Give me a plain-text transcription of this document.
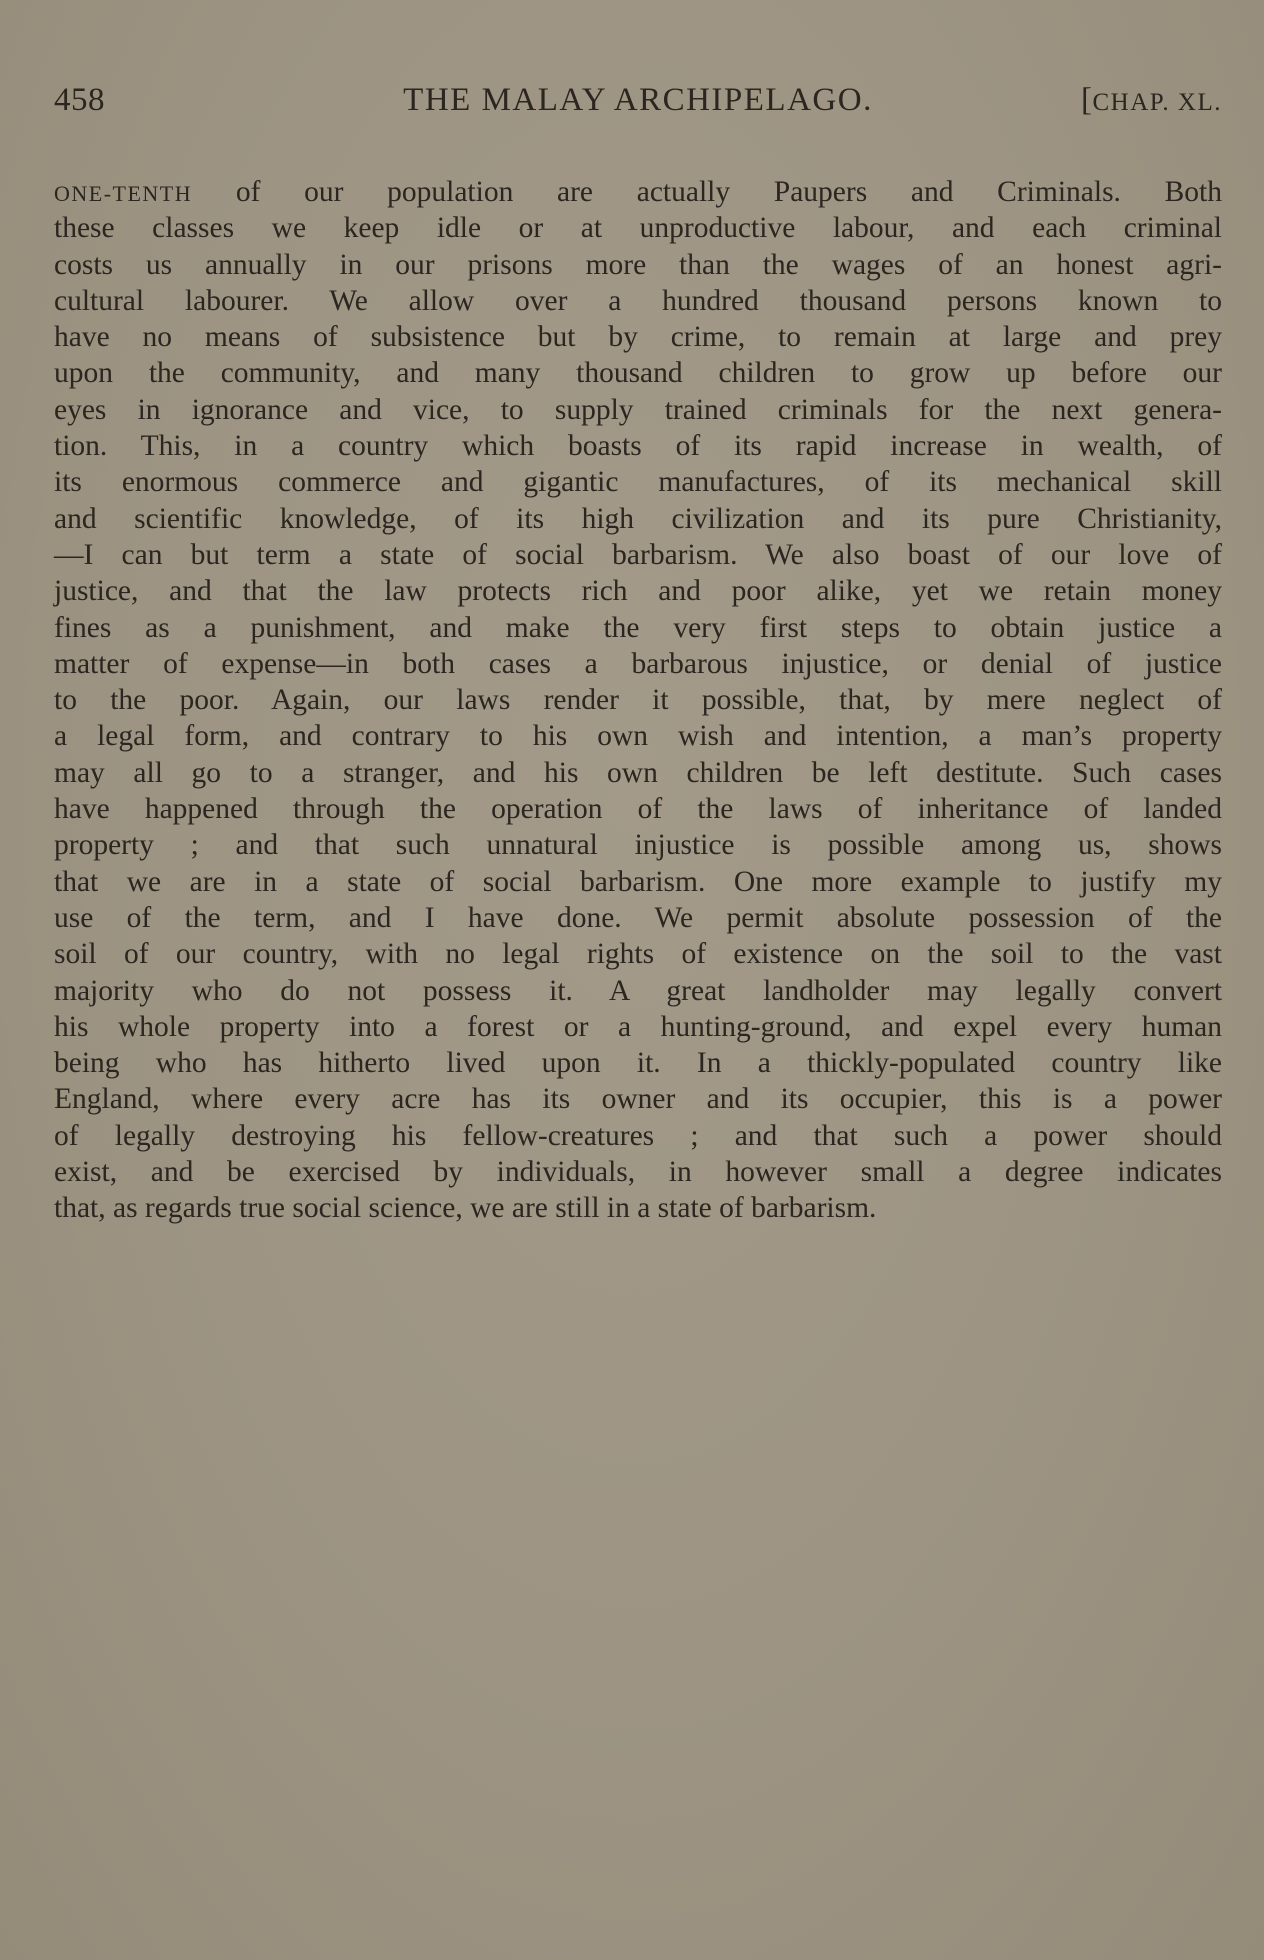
458	THE MALAY ARCHIPELAGO.	[CHAP. XL.
ONE-TENTH of our population are actually Paupers and Criminals. Both
these classes we keep idle or at unproductive labour, and each criminal
costs us annually in our prisons more than the wages of an honest agri-
cultural labourer. We allow over a hundred thousand persons known to
have no means of subsistence but by crime, to remain at large and prey
upon the community, and many thousand children to grow up before our
eyes in ignorance and vice, to supply trained criminals for the next genera-
tion. This, in a country which boasts of its rapid increase in wealth, of
its enormous commerce and gigantic manufactures, of its mechanical skill
and scientific knowledge, of its high civilization and its pure Christianity,
—I can but term a state of social barbarism. We also boast of our love of
justice, and that the law protects rich and poor alike, yet we retain money
fines as a punishment, and make the very first steps to obtain justice a
matter of expense—in both cases a barbarous injustice, or denial of justice
to the poor. Again, our laws render it possible, that, by mere neglect of
a legal form, and contrary to his own wish and intention, a man’s property
may all go to a stranger, and his own children be left destitute. Such cases
have happened through the operation of the laws of inheritance of landed
property ; and that such unnatural injustice is possible among us, shows
that we are in a state of social barbarism. One more example to justify my
use of the term, and I have done. We permit absolute possession of the
soil of our country, with no legal rights of existence on the soil to the vast
majority who do not possess it. A great landholder may legally convert
his whole property into a forest or a hunting-ground, and expel every human
being who has hitherto lived upon it. In a thickly-populated country like
England, where every acre has its owner and its occupier, this is a power
of legally destroying his fellow-creatures ; and that such a power should
exist, and be exercised by individuals, in however small a degree indicates
that, as regards true social science, we are still in a state of barbarism.
